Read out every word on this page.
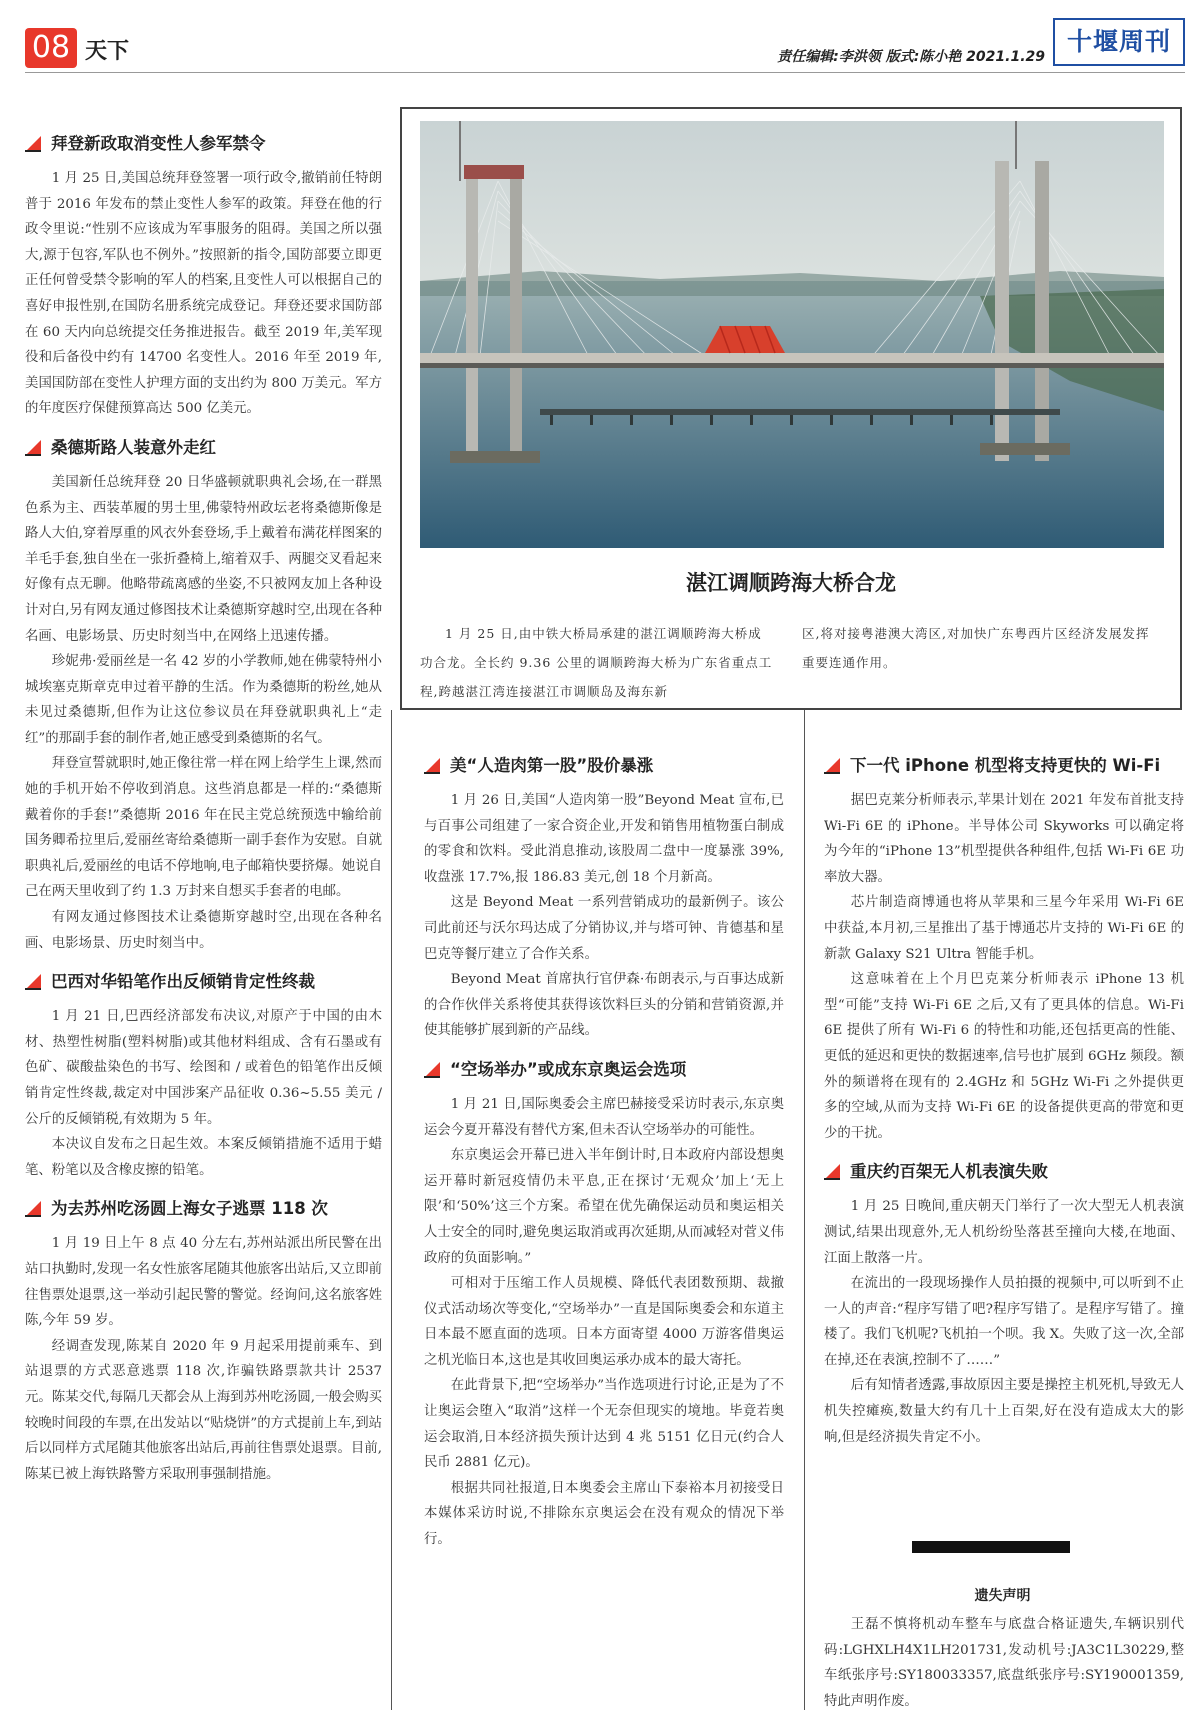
08 天下	责任编辑:李洪领 版式:陈小艳 2021.1.29
十堰周刊
拜登新政取消变性人参军禁令

1 月 25 日,美国总统拜登签署一项行政令,撤销前任特朗普于 2016 年发布的禁止变性人参军的政策。拜登在他的行政令里说:“性别不应该成为军事服务的阻碍。美国之所以强大,源于包容,军队也不例外。”按照新的指令,国防部要立即更正任何曾受禁令影响的军人的档案,且变性人可以根据自己的喜好申报性别,在国防名册系统完成登记。拜登还要求国防部在 60 天内向总统提交任务推进报告。截至 2019 年,美军现役和后备役中约有 14700 名变性人。2016 年至 2019 年,美国国防部在变性人护理方面的支出约为 800 万美元。军方的年度医疗保健预算高达 500 亿美元。

桑德斯路人装意外走红

美国新任总统拜登 20 日华盛顿就职典礼会场,在一群黑色系为主、西装革履的男士里,佛蒙特州政坛老将桑德斯像是路人大伯,穿着厚重的风衣外套登场,手上戴着布满花样图案的羊毛手套,独自坐在一张折叠椅上,缩着双手、两腿交叉看起来好像有点无聊。他略带疏离感的坐姿,不只被网友加上各种设计对白,另有网友通过修图技术让桑德斯穿越时空,出现在各种名画、电影场景、历史时刻当中,在网络上迅速传播。

珍妮弗·爱丽丝是一名 42 岁的小学教师,她在佛蒙特州小城埃塞克斯章克申过着平静的生活。作为桑德斯的粉丝,她从未见过桑德斯,但作为让这位参议员在拜登就职典礼上“走红”的那副手套的制作者,她正感受到桑德斯的名气。

拜登宣誓就职时,她正像往常一样在网上给学生上课,然而她的手机开始不停收到消息。这些消息都是一样的:“桑德斯戴着你的手套!”桑德斯 2016 年在民主党总统预选中输给前国务卿希拉里后,爱丽丝寄给桑德斯一副手套作为安慰。自就职典礼后,爱丽丝的电话不停地响,电子邮箱快要挤爆。她说自己在两天里收到了约 1.3 万封来自想买手套者的电邮。

有网友通过修图技术让桑德斯穿越时空,出现在各种名画、电影场景、历史时刻当中。

巴西对华铅笔作出反倾销肯定性终裁

1 月 21 日,巴西经济部发布决议,对原产于中国的由木材、热塑性树脂(塑料树脂)或其他材料组成、含有石墨或有色矿、碳酸盐染色的书写、绘图和 / 或着色的铅笔作出反倾销肯定性终裁,裁定对中国涉案产品征收 0.36~5.55 美元 / 公斤的反倾销税,有效期为 5 年。

本决议自发布之日起生效。本案反倾销措施不适用于蜡笔、粉笔以及含橡皮擦的铅笔。

为去苏州吃汤圆上海女子逃票 118 次

1 月 19 日上午 8 点 40 分左右,苏州站派出所民警在出站口执勤时,发现一名女性旅客尾随其他旅客出站后,又立即前往售票处退票,这一举动引起民警的警觉。经询问,这名旅客姓陈,今年 59 岁。

经调查发现,陈某自 2020 年 9 月起采用提前乘车、到站退票的方式恶意逃票 118 次,诈骗铁路票款共计 2537 元。陈某交代,每隔几天都会从上海到苏州吃汤圆,一般会购买较晚时间段的车票,在出发站以“贴烧饼”的方式提前上车,到站后以同样方式尾随其他旅客出站后,再前往售票处退票。目前,陈某已被上海铁路警方采取刑事强制措施。

湛江调顺跨海大桥合龙
1 月 25 日,由中铁大桥局承建的湛江调顺跨海大桥成功合龙。全长约 9.36 公里的调顺跨海大桥为广东省重点工程,跨越湛江湾连接湛江市调顺岛及海东新
区,将对接粤港澳大湾区,对加快广东粤西片区经济发展发挥重要连通作用。
美“人造肉第一股”股价暴涨

1 月 26 日,美国“人造肉第一股”Beyond Meat 宣布,已与百事公司组建了一家合资企业,开发和销售用植物蛋白制成的零食和饮料。受此消息推动,该股周二盘中一度暴涨 39%,收盘涨 17.7%,报 186.83 美元,创 18 个月新高。

这是 Beyond Meat 一系列营销成功的最新例子。该公司此前还与沃尔玛达成了分销协议,并与塔可钟、肯德基和星巴克等餐厅建立了合作关系。

Beyond Meat 首席执行官伊森·布朗表示,与百事达成新的合作伙伴关系将使其获得该饮料巨头的分销和营销资源,并使其能够扩展到新的产品线。

“空场举办”或成东京奥运会选项

1 月 21 日,国际奥委会主席巴赫接受采访时表示,东京奥运会今夏开幕没有替代方案,但未否认空场举办的可能性。

东京奥运会开幕已进入半年倒计时,日本政府内部设想奥运开幕时新冠疫情仍未平息,正在探讨‘无观众’加上‘无上限’和‘50%’这三个方案。希望在优先确保运动员和奥运相关人士安全的同时,避免奥运取消或再次延期,从而减轻对菅义伟政府的负面影响。”

可相对于压缩工作人员规模、降低代表团数预期、裁撤仪式活动场次等变化,“空场举办”一直是国际奥委会和东道主日本最不愿直面的选项。日本方面寄望 4000 万游客借奥运之机光临日本,这也是其收回奥运承办成本的最大寄托。

在此背景下,把“空场举办”当作选项进行讨论,正是为了不让奥运会堕入“取消”这样一个无奈但现实的境地。毕竟若奥运会取消,日本经济损失预计达到 4 兆 5151 亿日元(约合人民币 2881 亿元)。

根据共同社报道,日本奥委会主席山下泰裕本月初接受日本媒体采访时说,不排除东京奥运会在没有观众的情况下举行。

下一代 iPhone 机型将支持更快的 Wi-Fi

据巴克莱分析师表示,苹果计划在 2021 年发布首批支持 Wi-Fi 6E 的 iPhone。半导体公司 Skyworks 可以确定将为今年的“iPhone 13”机型提供各种组件,包括 Wi-Fi 6E 功率放大器。

芯片制造商博通也将从苹果和三星今年采用 Wi-Fi 6E 中获益,本月初,三星推出了基于博通芯片支持的 Wi-Fi 6E 的新款 Galaxy S21 Ultra 智能手机。

这意味着在上个月巴克莱分析师表示 iPhone 13 机型“可能”支持 Wi-Fi 6E 之后,又有了更具体的信息。Wi-Fi 6E 提供了所有 Wi-Fi 6 的特性和功能,还包括更高的性能、更低的延迟和更快的数据速率,信号也扩展到 6GHz 频段。额外的频谱将在现有的 2.4GHz 和 5GHz Wi-Fi 之外提供更多的空域,从而为支持 Wi-Fi 6E 的设备提供更高的带宽和更少的干扰。

重庆约百架无人机表演失败

1 月 25 日晚间,重庆朝天门举行了一次大型无人机表演测试,结果出现意外,无人机纷纷坠落甚至撞向大楼,在地面、江面上散落一片。

在流出的一段现场操作人员拍摄的视频中,可以听到不止一人的声音:“程序写错了吧?程序写错了。是程序写错了。撞楼了。我们飞机呢?飞机拍一个呗。我 X。失败了这一次,全部在掉,还在表演,控制不了……”

后有知情者透露,事故原因主要是操控主机死机,导致无人机失控瘫痪,数量大约有几十上百架,好在没有造成太大的影响,但是经济损失肯定不小。

遗失声明

王磊不慎将机动车整车与底盘合格证遗失,车辆识别代码:LGHXLH4X1LH201731,发动机号:JA3C1L30229,整车纸张序号:SY180033357,底盘纸张序号:SY190001359,特此声明作废。
